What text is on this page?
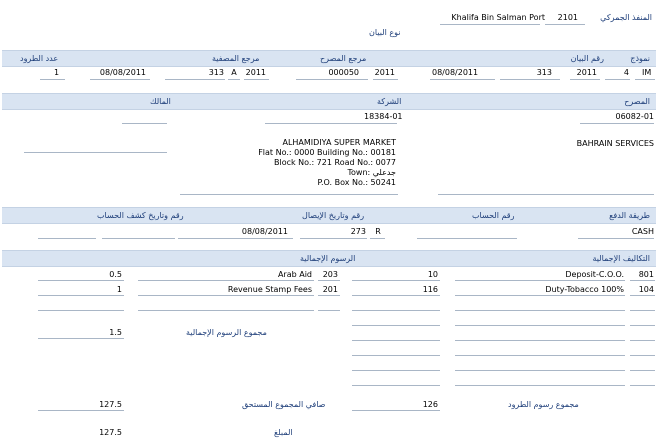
المنفذ الجمركي
2101
Khalifa Bin Salman Port
نوع البيان
نموذج
رقم البيان
مرجع المصرح
مرجع المصفية
عدد الطرود
IM
4
2011
313
08/08/2011
2011
000050
2011
A
313
08/08/2011
1
المصرح
الشركة
المالك
06082-01
18384-01
BAHRAIN SERVICES
ALHAMIDIYA SUPER MARKET
Flat No.: 0000 Building No.: 00181
Block No.: 721 Road No.: 0077
Town: جدعلي
P.O. Box No.: 50241
طريقة الدفع
رقم الحساب
رقم وتاريخ الإيصال
رقم وتاريخ كشف الحساب
CASH
R
273
08/08/2011
التكاليف الإجمالية
الرسوم الإجمالية
801
Deposit-C.O.O.
10
104
Duty-Tobacco 100%
116
203
Arab Aid
0.5
201
Revenue Stamp Fees
1
مجموع الرسوم الإجمالية
1.5
مجموع رسوم الطرود
126
صافي المجموع المستحق
127.5
المبلغ
127.5
